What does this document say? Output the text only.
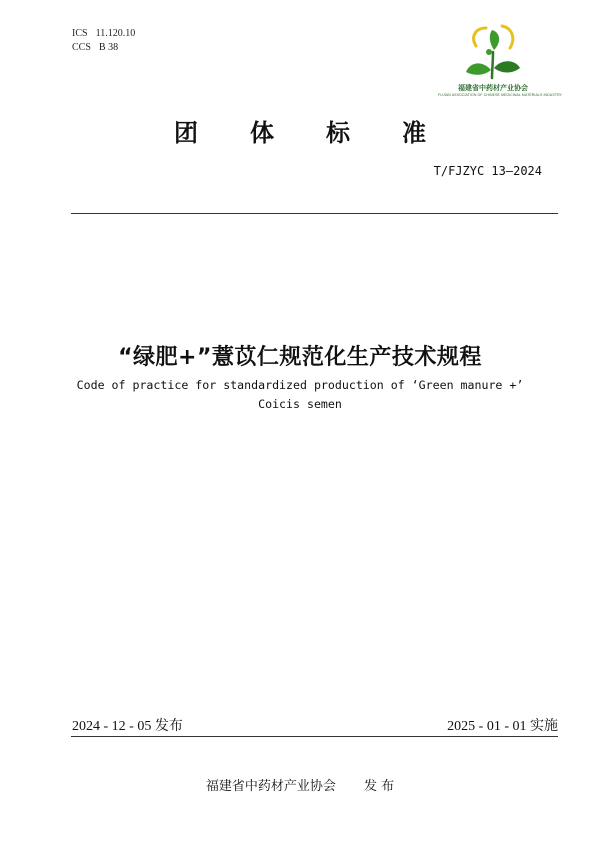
ICS 11.120.10
CCS B 38
福建省中药材产业协会
FUJIAN ASSOCIATION OF CHINESE MEDICINAL MATERIALS INDUSTRY
团体标准
T/FJZYC 13—2024
“绿肥+”薏苡仁规范化生产技术规程
Code of practice for standardized production of ‘Green manure +’ Coicis semen
2024 - 12 - 05 发布	2025 - 01 - 01 实施
福建省中药材产业协会 发 布
